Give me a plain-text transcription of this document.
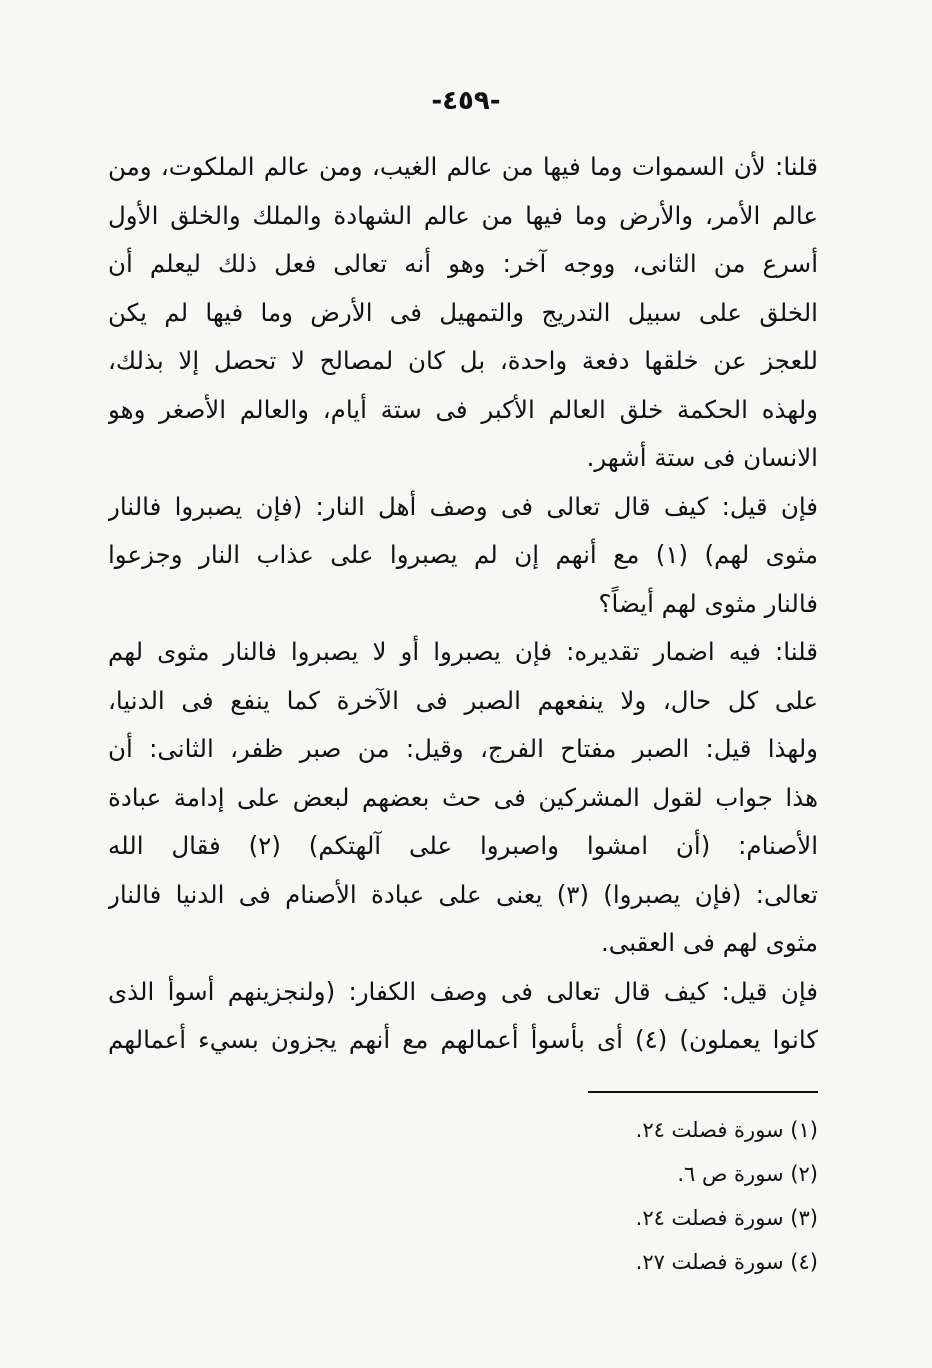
-٤٥٩-
قلنا: لأن السموات وما فيها من عالم الغيب، ومن عالم الملكوت، ومن
عالم الأمر، والأرض وما فيها من عالم الشهادة والملك والخلق الأول
أسرع من الثانى، ووجه آخر: وهو أنه تعالى فعل ذلك ليعلم أن
الخلق على سبيل التدريج والتمهيل فى الأرض وما فيها لم يكن
للعجز عن خلقها دفعة واحدة، بل كان لمصالح لا تحصل إلا بذلك،
ولهذه الحكمة خلق العالم الأكبر فى ستة أيام، والعالم الأصغر وهو
الانسان فى ستة أشهر.
فإن قيل: كيف قال تعالى فى وصف أهل النار: (فإن يصبروا فالنار
مثوى لهم) (١) مع أنهم إن لم يصبروا على عذاب النار وجزعوا
فالنار مثوى لهم أيضاً؟
قلنا: فيه اضمار تقديره: فإن يصبروا أو لا يصبروا فالنار مثوى لهم
على كل حال، ولا ينفعهم الصبر فى الآخرة كما ينفع فى الدنيا،
ولهذا قيل: الصبر مفتاح الفرج، وقيل: من صبر ظفر، الثانى: أن
هذا جواب لقول المشركين فى حث بعضهم لبعض على إدامة عبادة
الأصنام: (أن امشوا واصبروا على آلهتكم) (٢) فقال الله
تعالى: (فإن يصبروا) (٣) يعنى على عبادة الأصنام فى الدنيا فالنار
مثوى لهم فى العقبى.
فإن قيل: كيف قال تعالى فى وصف الكفار: (ولنجزينهم أسوأ الذى
كانوا يعملون) (٤) أى بأسوأ أعمالهم مع أنهم يجزون بسيء أعمالهم
(١) سورة فصلت ٢٤.
(٢) سورة ص ٦.
(٣) سورة فصلت ٢٤.
(٤) سورة فصلت ٢٧.
